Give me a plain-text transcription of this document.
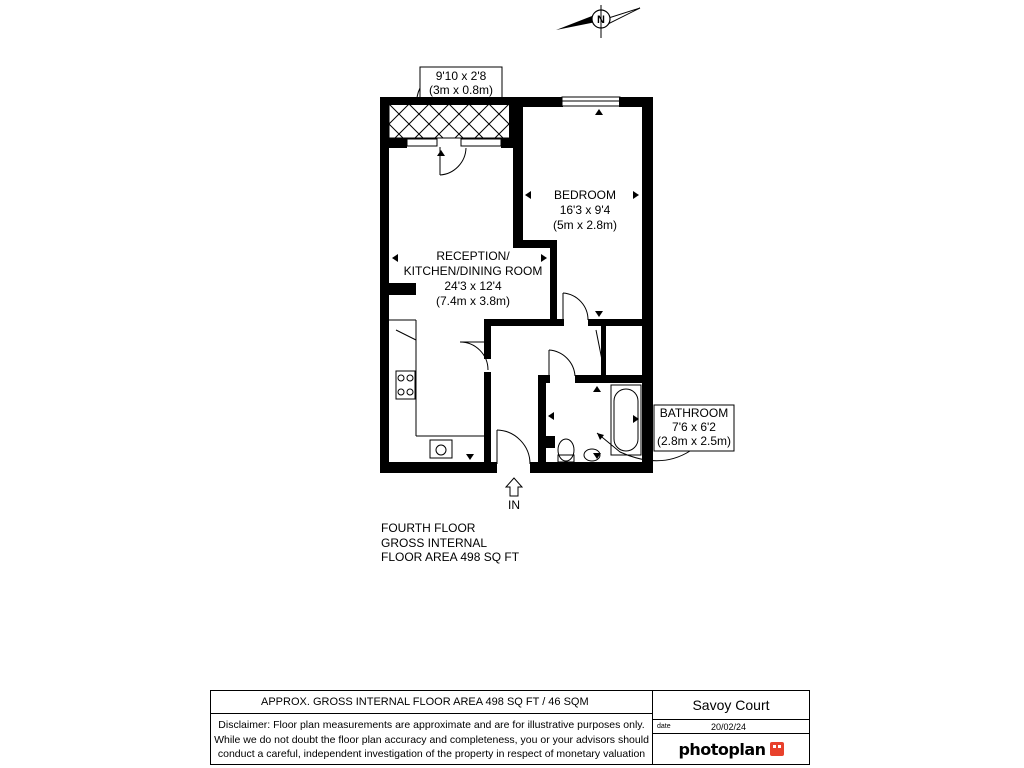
N
9'10 x 2'8
(3m x 0.8m)
BEDROOM
16'3 x 9'4
(5m x 2.8m)
RECEPTION/
KITCHEN/DINING ROOM
24'3 x 12'4
(7.4m x 3.8m)
BATHROOM
7'6 x 6'2
(2.8m x 2.5m)
IN
FOURTH FLOOR
GROSS INTERNAL
FLOOR AREA 498 SQ FT
APPROX. GROSS INTERNAL FLOOR AREA 498 SQ FT / 46 SQM
Disclaimer: Floor plan measurements are approximate and are for illustrative purposes only.
While we do not doubt the floor plan accuracy and completeness, you or your advisors should
conduct a careful, independent investigation of the property in respect of monetary valuation
Savoy Court
date	20/02/24
photoplan
